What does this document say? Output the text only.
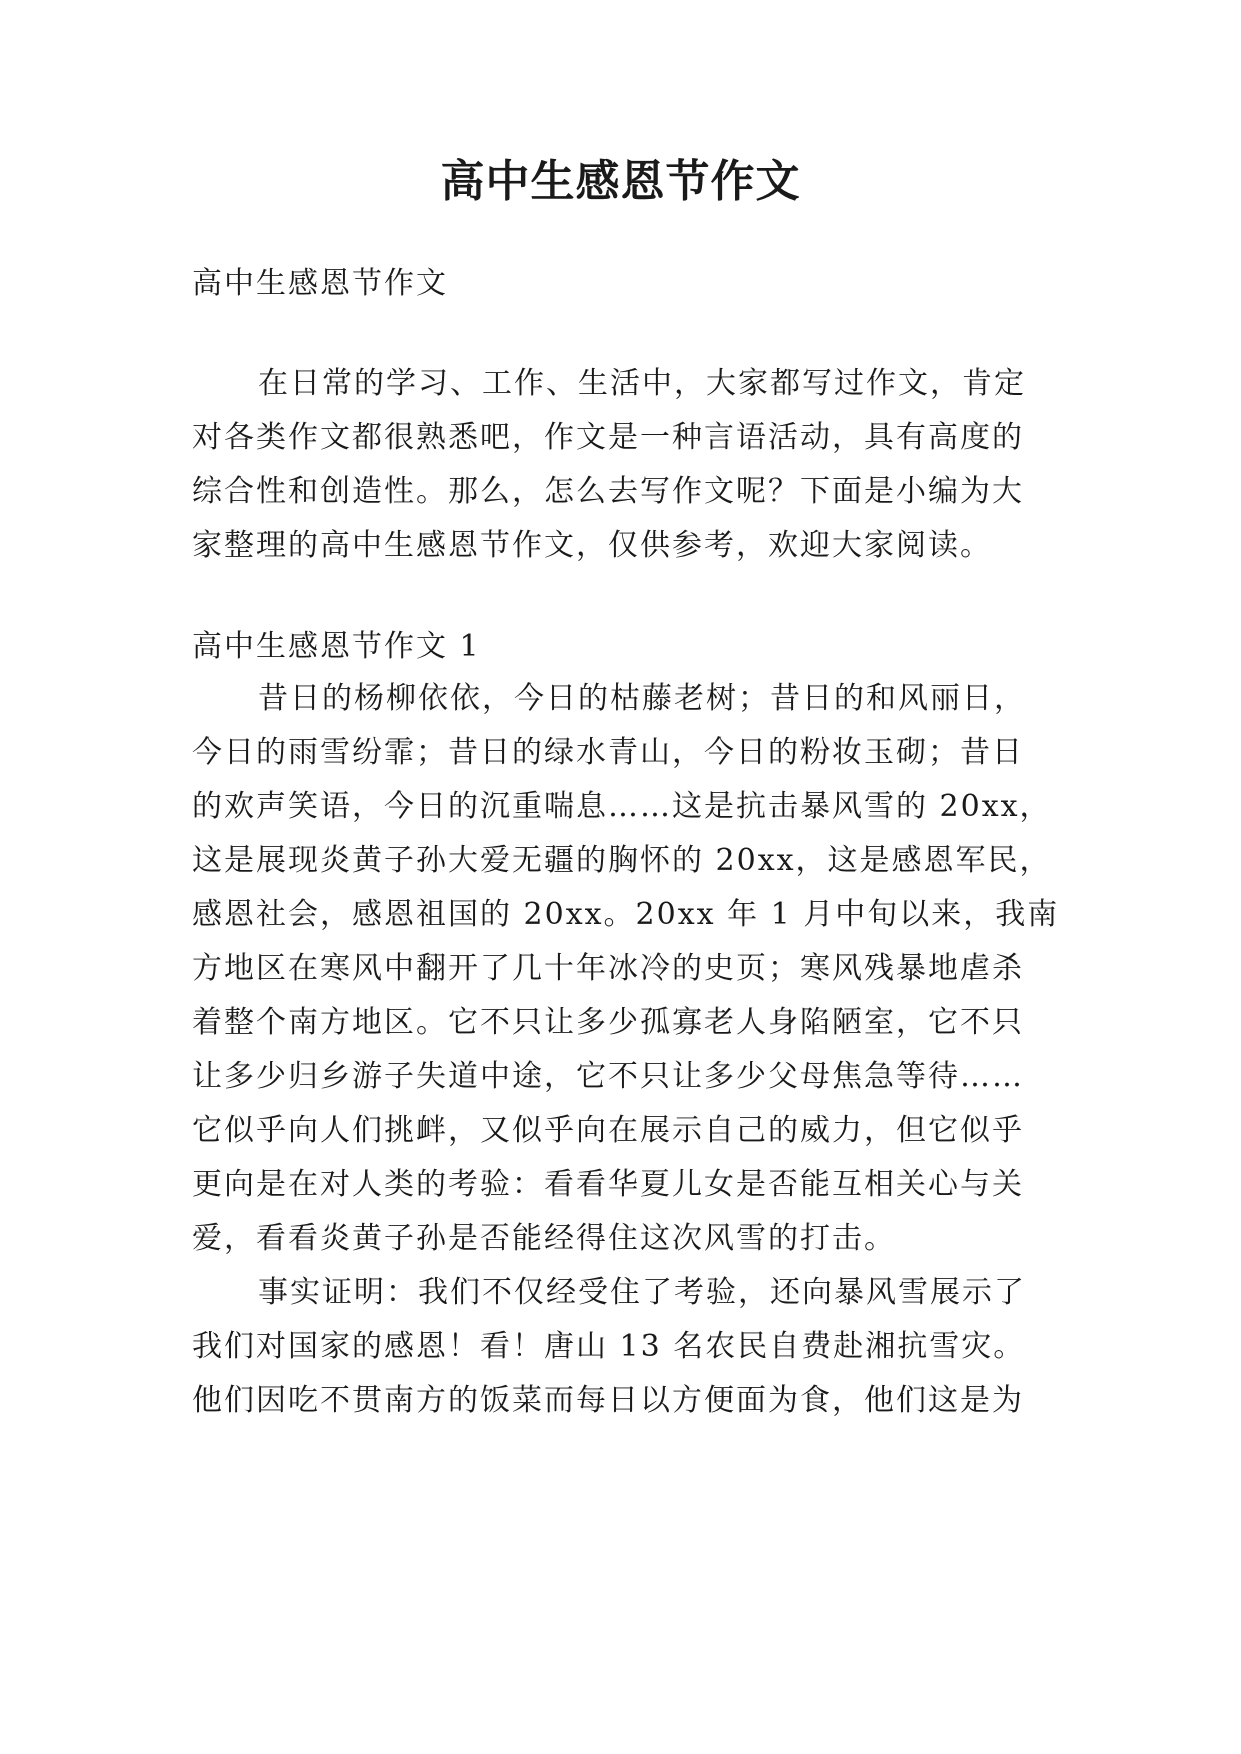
高中生感恩节作文

高中生感恩节作文

在日常的学习、工作、生活中，大家都写过作文，肯定

对各类作文都很熟悉吧，作文是一种言语活动，具有高度的

综合性和创造性。那么，怎么去写作文呢？下面是小编为大

家整理的高中生感恩节作文，仅供参考，欢迎大家阅读。

高中生感恩节作文 1

昔日的杨柳依依，今日的枯藤老树；昔日的和风丽日，

今日的雨雪纷霏；昔日的绿水青山，今日的粉妆玉砌；昔日

的欢声笑语，今日的沉重喘息……这是抗击暴风雪的 20xx，

这是展现炎黄子孙大爱无疆的胸怀的 20xx，这是感恩军民，

感恩社会，感恩祖国的 20xx。20xx 年 1 月中旬以来，我南

方地区在寒风中翻开了几十年冰冷的史页；寒风残暴地虐杀

着整个南方地区。它不只让多少孤寡老人身陷陋室，它不只

让多少归乡游子失道中途，它不只让多少父母焦急等待……

它似乎向人们挑衅，又似乎向在展示自己的威力，但它似乎

更向是在对人类的考验：看看华夏儿女是否能互相关心与关

爱，看看炎黄子孙是否能经得住这次风雪的打击。

事实证明：我们不仅经受住了考验，还向暴风雪展示了

我们对国家的感恩！看！唐山 13 名农民自费赴湘抗雪灾。

他们因吃不贯南方的饭菜而每日以方便面为食，他们这是为
